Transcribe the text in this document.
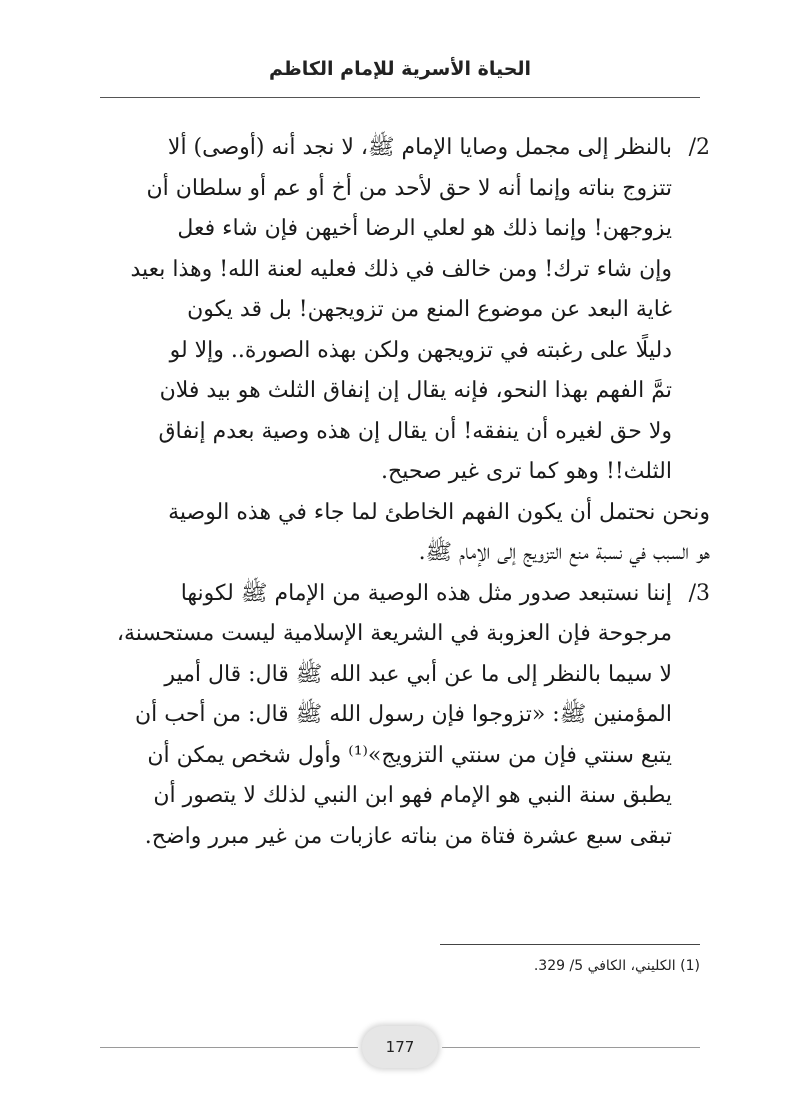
الحياة الأسرية للإمام الكاظم
2/
بالنظر إلى مجمل وصايا الإمام ﷺ، لا نجد أنه (أوصى) ألا
تتزوج بناته وإنما أنه لا حق لأحد من أخ أو عم أو سلطان أن
يزوجهن! وإنما ذلك هو لعلي الرضا أخيهن فإن شاء فعل
وإن شاء ترك! ومن خالف في ذلك فعليه لعنة الله! وهذا بعيد
غاية البعد عن موضوع المنع من تزويجهن! بل قد يكون
دليلًا على رغبته في تزويجهن ولكن بهذه الصورة.. وإلا لو
تمَّ الفهم بهذا النحو، فإنه يقال إن إنفاق الثلث هو بيد فلان
ولا حق لغيره أن ينفقه! أن يقال إن هذه وصية بعدم إنفاق
الثلث!! وهو كما ترى غير صحيح.
ونحن نحتمل أن يكون الفهم الخاطئ لما جاء في هذه الوصية
هو السبب في نسبة منع التزويج إلى الإمام ﷺ.
3/
إننا نستبعد صدور مثل هذه الوصية من الإمام ﷺ لكونها
مرجوحة فإن العزوبة في الشريعة الإسلامية ليست مستحسنة،
لا سيما بالنظر إلى ما عن أبي عبد الله ﷺ قال: قال أمير
المؤمنين ﷺ: «تزوجوا فإن رسول الله ﷺ قال: من أحب أن
يتبع سنتي فإن من سنتي التزويج»⁽¹⁾ وأول شخص يمكن أن
يطبق سنة النبي هو الإمام فهو ابن النبي لذلك لا يتصور أن
تبقى سبع عشرة فتاة من بناته عازبات من غير مبرر واضح.
(1) الكليني، الكافي 5/ 329.
177
